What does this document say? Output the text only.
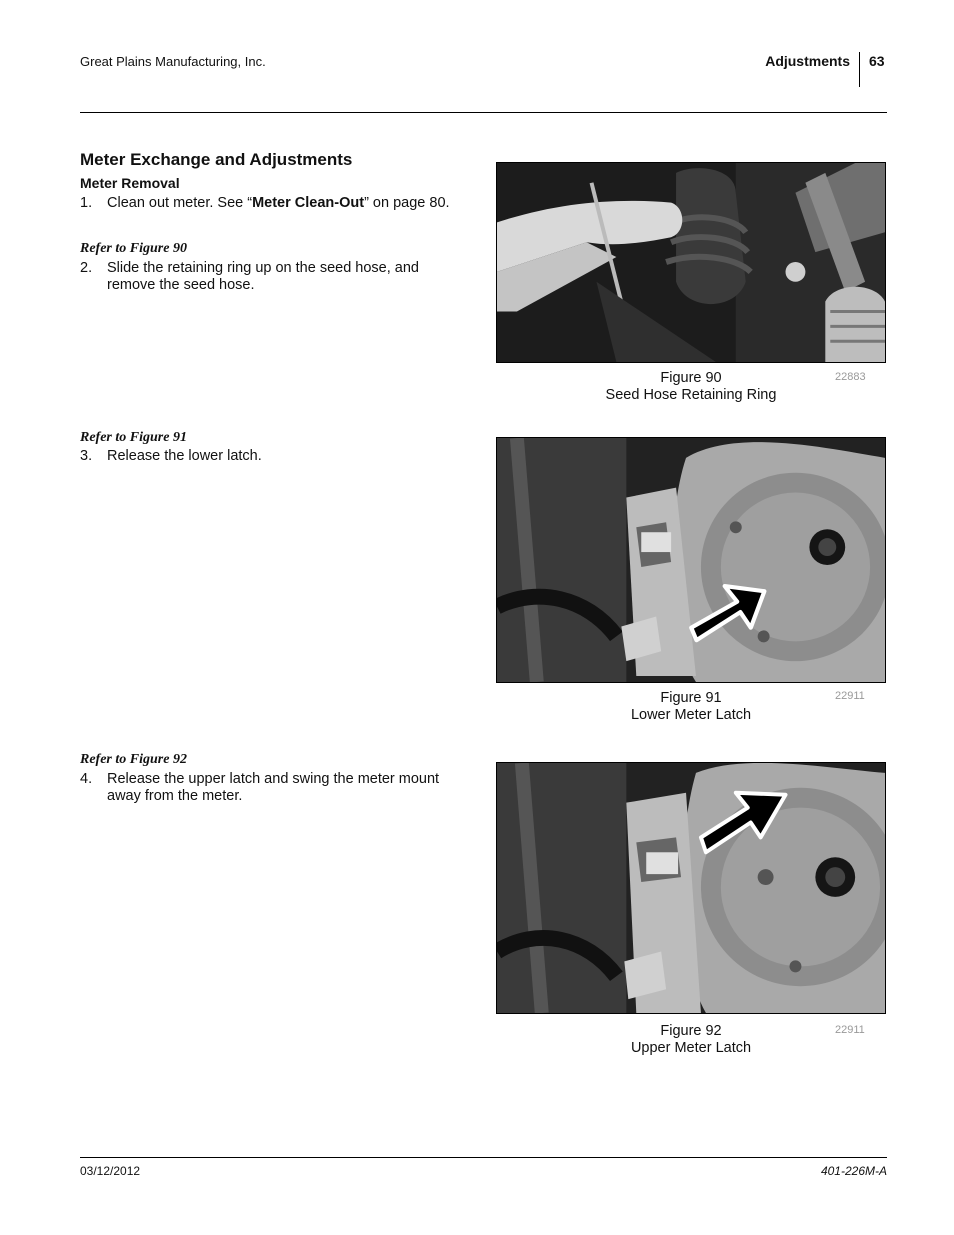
Great Plains Manufacturing, Inc.	Adjustments 63
Meter Exchange and Adjustments
Meter Removal
1. Clean out meter. See “Meter Clean-Out” on page 80.
Refer to Figure 90
2. Slide the retaining ring up on the seed hose, and remove the seed hose.
Refer to Figure 91
3. Release the lower latch.
Refer to Figure 92
4. Release the upper latch and swing the meter mount away from the meter.
Figure 90
Seed Hose Retaining Ring
22883
Figure 91
Lower Meter Latch
22911
Figure 92
Upper Meter Latch
22911
03/12/2012	401-226M-A
